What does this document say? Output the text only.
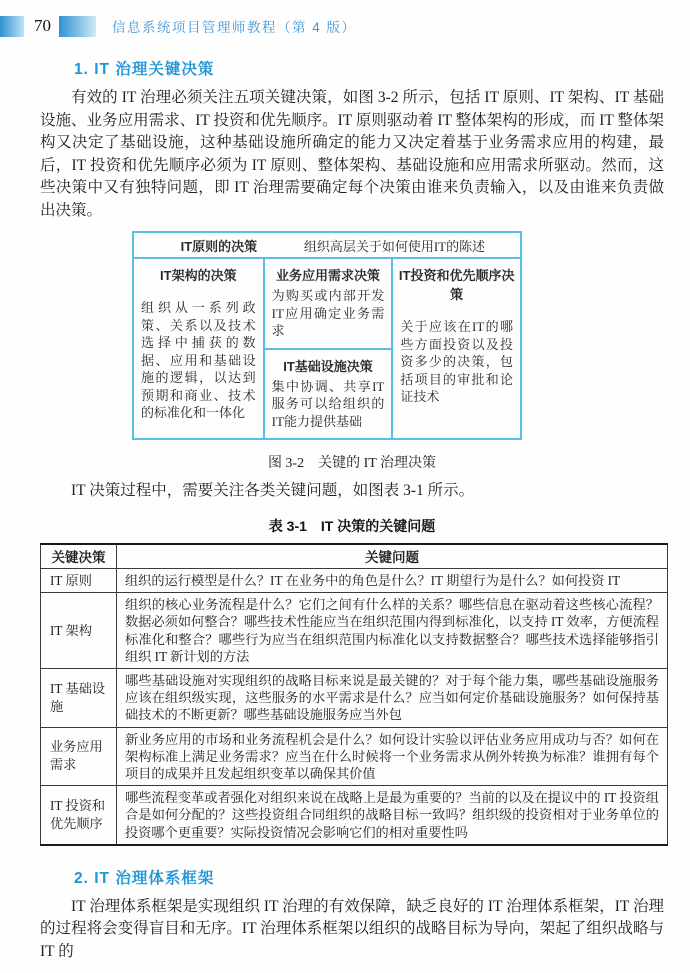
70	信息系统项目管理师教程（第 4 版）
1. IT 治理关键决策

有效的 IT 治理必须关注五项关键决策，如图 3-2 所示，包括 IT 原则、IT 架构、IT 基础设施、业务应用需求、IT 投资和优先顺序。IT 原则驱动着 IT 整体架构的形成，而 IT 整体架构又决定了基础设施，这种基础设施所确定的能力又决定着基于业务需求应用的构建，最后，IT 投资和优先顺序必须为 IT 原则、整体架构、基础设施和应用需求所驱动。然而，这些决策中又有独特问题，即 IT 治理需要确定每个决策由谁来负责输入，以及由谁来负责做出决策。

IT原则的决策	组织高层关于如何使用IT的陈述
IT架构的决策
组织从一系列政策、关系以及技术选择中捕获的数据、应用和基础设施的逻辑，以达到预期和商业、技术的标准化和一体化
业务应用需求决策
为购买或内部开发IT应用确定业务需求
IT基础设施决策
集中协调、共享IT服务可以给组织的IT能力提供基础
IT投资和优先顺序决策
关于应该在IT的哪些方面投资以及投资多少的决策，包括项目的审批和论证技术
图 3-2　关键的 IT 治理决策

IT 决策过程中，需要关注各类关键问题，如图表 3-1 所示。

表 3-1　IT 决策的关键问题
关键决策	关键问题
IT 原则	组织的运行模型是什么？IT 在业务中的角色是什么？IT 期望行为是什么？如何投资 IT
IT 架构	组织的核心业务流程是什么？它们之间有什么样的关系？哪些信息在驱动着这些核心流程？数据必须如何整合？哪些技术性能应当在组织范围内得到标准化，以支持 IT 效率，方便流程标准化和整合？哪些行为应当在组织范围内标准化以支持数据整合？哪些技术选择能够指引组织 IT 新计划的方法
IT 基础设施	哪些基础设施对实现组织的战略目标来说是最关键的？对于每个能力集，哪些基础设施服务应该在组织级实现，这些服务的水平需求是什么？应当如何定价基础设施服务？如何保持基础技术的不断更新？哪些基础设施服务应当外包
业务应用需求	新业务应用的市场和业务流程机会是什么？如何设计实验以评估业务应用成功与否？如何在架构标准上满足业务需求？应当在什么时候将一个业务需求从例外转换为标准？谁拥有每个项目的成果并且发起组织变革以确保其价值
IT 投资和优先顺序	哪些流程变革或者强化对组织来说在战略上是最为重要的？当前的以及在提议中的 IT 投资组合是如何分配的？这些投资组合同组织的战略目标一致吗？组织级的投资相对于业务单位的投资哪个更重要？实际投资情况会影响它们的相对重要性吗
2. IT 治理体系框架

IT 治理体系框架是实现组织 IT 治理的有效保障，缺乏良好的 IT 治理体系框架，IT 治理的过程将会变得盲目和无序。IT 治理体系框架以组织的战略目标为导向，架起了组织战略与 IT 的
